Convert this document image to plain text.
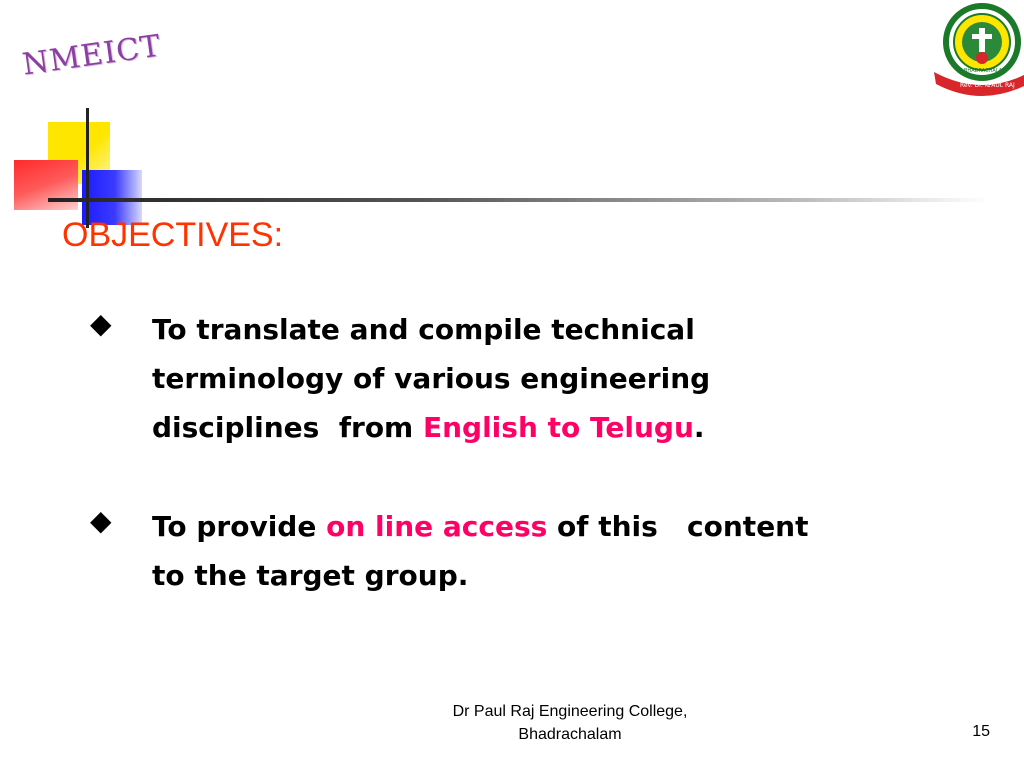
NMEICT
Rev. Dr. K.
PAUL RAJ
BHADRACHALAM
OBJECTIVES:
◆ To translate and compile technical
terminology of various engineering
disciplines  from English to Telugu.
◆ To provide on line access of this   content
to the target group.
Dr Paul Raj Engineering College,
Bhadrachalam	15
